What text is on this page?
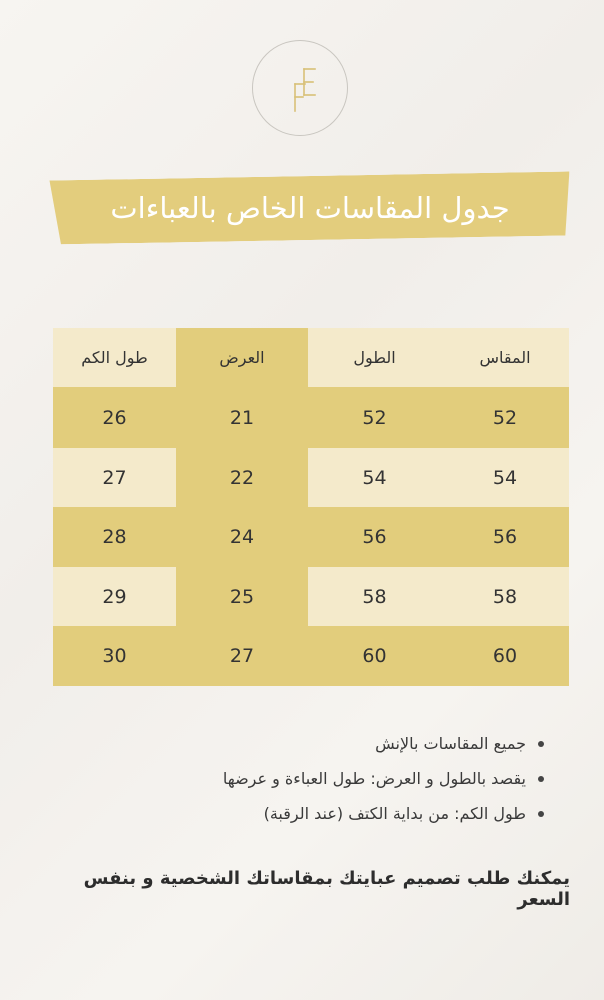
جدول المقاسات الخاص بالعباءات
المقاس
الطول
العرض
طول الكم
52
52
21
26
54
54
22
27
56
56
24
28
58
58
25
29
60
60
27
30
جميع المقاسات بالإنش
يقصد بالطول و العرض: طول العباءة و عرضها
طول الكم: من بداية الكتف (عند الرقبة)
يمكنك طلب تصميم عبايتك بمقاساتك الشخصية و بنفس السعر
